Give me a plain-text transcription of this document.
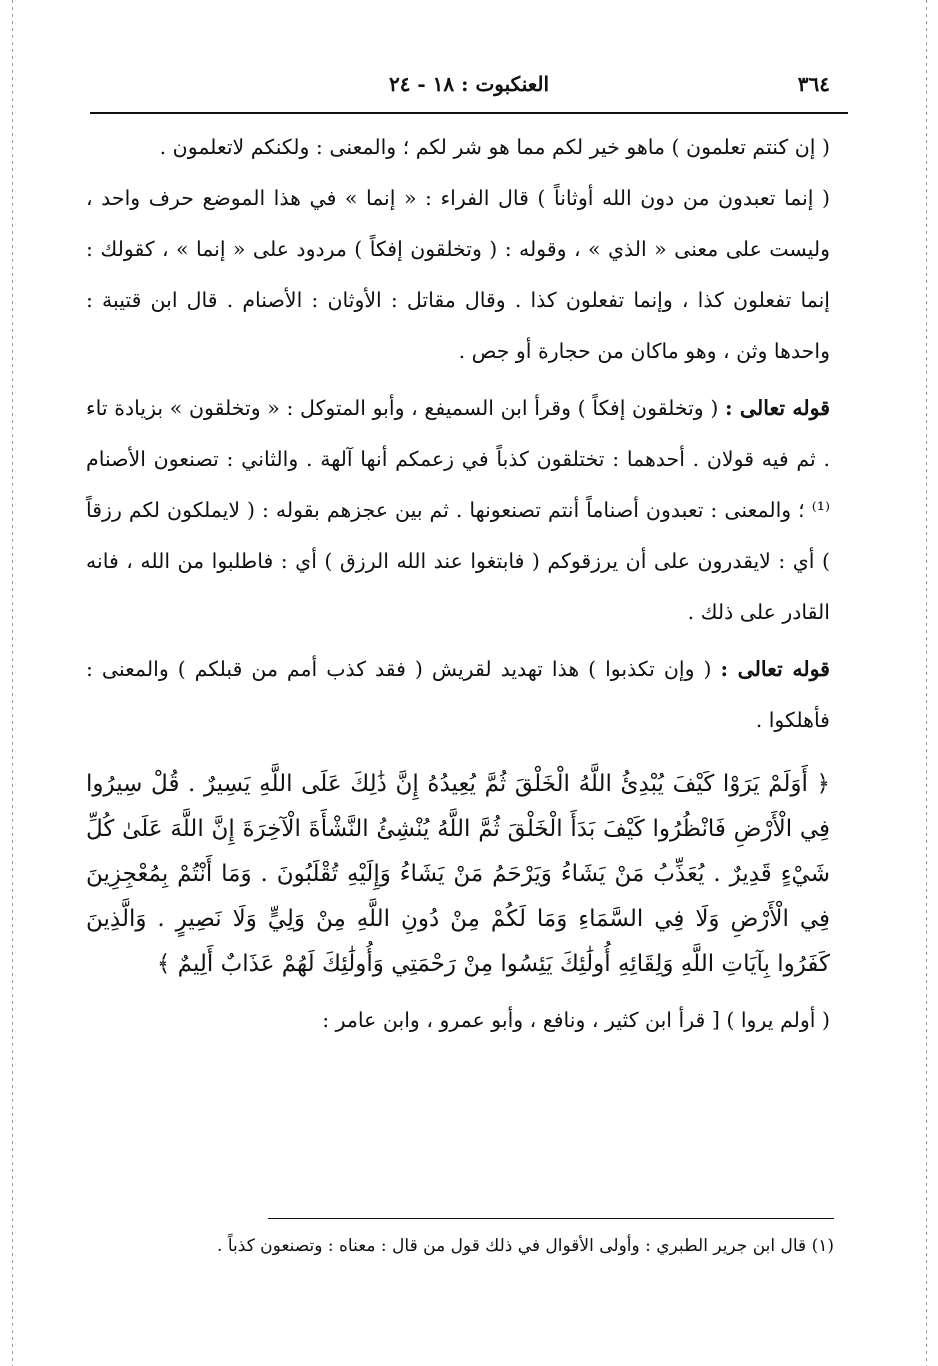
٣٦٤
العنكبوت : ١٨ - ٢٤

( إن كنتم تعلمون ) ماهو خير لكم مما هو شر لكم ؛ والمعنى : ولكنكم لاتعلمون .

( إنما تعبدون من دون الله أوثاناً ) قال الفراء : « إنما » في هذا الموضع حرف واحد ، وليست على معنى « الذي » ، وقوله : ( وتخلقون إفكاً ) مردود على « إنما » ، كقولك : إنما تفعلون كذا ، وإنما تفعلون كذا . وقال مقاتل : الأوثان : الأصنام . قال ابن قتيبة : واحدها وثن ، وهو ماكان من حجارة أو جص .

قوله تعالى : ( وتخلقون إفكاً ) وقرأ ابن السميفع ، وأبو المتوكل : « وتخلقون » بزيادة تاء . ثم فيه قولان . أحدهما : تختلقون كذباً في زعمكم أنها آلهة . والثاني : تصنعون الأصنام ⁽¹⁾ ؛ والمعنى : تعبدون أصناماً أنتم تصنعونها . ثم بين عجزهم بقوله : ( لايملكون لكم رزقاً ) أي : لايقدرون على أن يرزقوكم ( فابتغوا عند الله الرزق ) أي : فاطلبوا من الله ، فانه القادر على ذلك .

قوله تعالى : ( وإن تكذبوا ) هذا تهديد لقريش ( فقد كذب أمم من قبلكم ) والمعنى : فأهلكوا .

﴿ أَوَلَمْ يَرَوْا كَيْفَ يُبْدِئُ اللَّهُ الْخَلْقَ ثُمَّ يُعِيدُهُ إِنَّ ذَٰلِكَ عَلَى اللَّهِ يَسِيرٌ . قُلْ سِيرُوا فِي الْأَرْضِ فَانْظُرُوا كَيْفَ بَدَأَ الْخَلْقَ ثُمَّ اللَّهُ يُنْشِئُ النَّشْأَةَ الْآخِرَةَ إِنَّ اللَّهَ عَلَىٰ كُلِّ شَيْءٍ قَدِيرٌ . يُعَذِّبُ مَنْ يَشَاءُ وَيَرْحَمُ مَنْ يَشَاءُ وَإِلَيْهِ تُقْلَبُونَ . وَمَا أَنْتُمْ بِمُعْجِزِينَ فِي الْأَرْضِ وَلَا فِي السَّمَاءِ وَمَا لَكُمْ مِنْ دُونِ اللَّهِ مِنْ وَلِيٍّ وَلَا نَصِيرٍ . وَالَّذِينَ كَفَرُوا بِآيَاتِ اللَّهِ وَلِقَائِهِ أُولَٰئِكَ يَئِسُوا مِنْ رَحْمَتِي وَأُولَٰئِكَ لَهُمْ عَذَابٌ أَلِيمٌ ﴾

( أولم يروا ) [ قرأ ابن كثير ، ونافع ، وأبو عمرو ، وابن عامر :

(١) قال ابن جرير الطبري : وأولى الأقوال في ذلك قول من قال : معناه : وتصنعون كذباً .
